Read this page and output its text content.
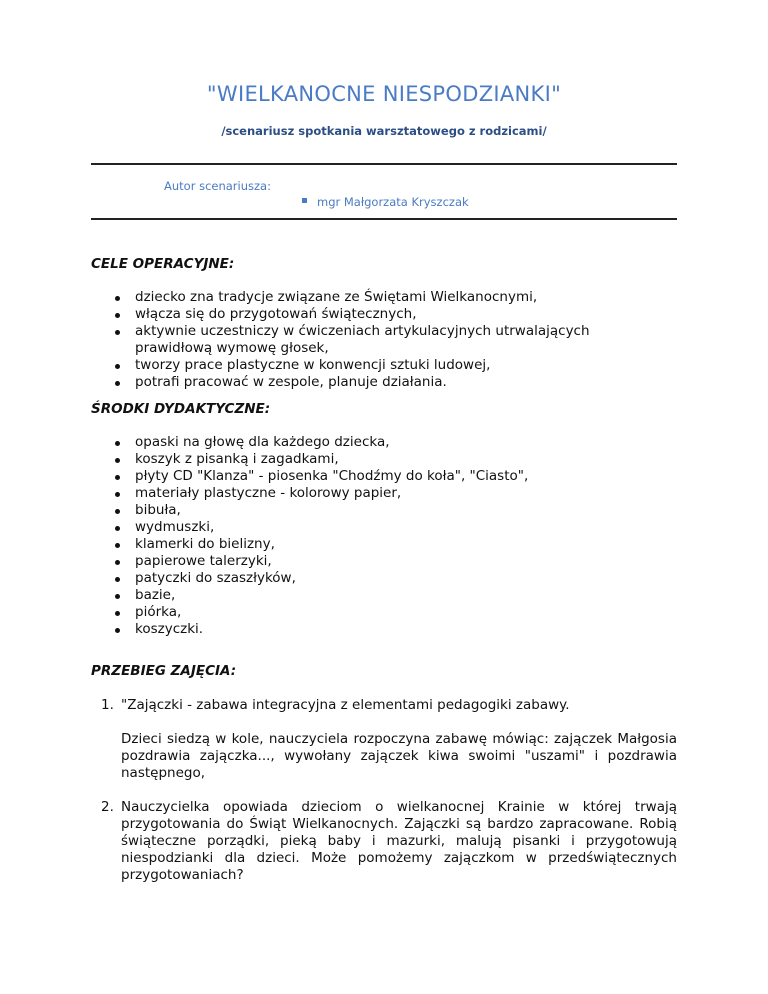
"WIELKANOCNE NIESPODZIANKI"
/scenariusz spotkania warsztatowego z rodzicami/
Autor scenariusza:
mgr Małgorzata Kryszczak
CELE OPERACYJNE:
dziecko zna tradycje związane ze Świętami Wielkanocnymi,
włącza się do przygotowań świątecznych,
aktywnie uczestniczy w ćwiczeniach artykulacyjnych utrwalających prawidłową wymowę głosek,
tworzy prace plastyczne w konwencji sztuki ludowej,
potrafi pracować w zespole, planuje działania.
ŚRODKI DYDAKTYCZNE:
opaski na głowę dla każdego dziecka,
koszyk z pisanką i zagadkami,
płyty CD "Klanza" - piosenka "Chodźmy do koła", "Ciasto",
materiały plastyczne - kolorowy papier,
bibuła,
wydmuszki,
klamerki do bielizny,
papierowe talerzyki,
patyczki do szaszłyków,
bazie,
piórka,
koszyczki.
PRZEBIEG ZAJĘCIA:
1. "Zajączki - zabawa integracyjna z elementami pedagogiki zabawy.
Dzieci siedzą w kole, nauczyciela rozpoczyna zabawę mówiąc: zajączek Małgosia pozdrawia zajączka..., wywołany zajączek kiwa swoimi "uszami" i pozdrawia następnego,
2. Nauczycielka opowiada dzieciom o wielkanocnej Krainie w której trwają przygotowania do Świąt Wielkanocnych. Zajączki są bardzo zapracowane. Robią świąteczne porządki, pieką baby i mazurki, malują pisanki i przygotowują niespodzianki dla dzieci. Może pomożemy zajączkom w przedświątecznych przygotowaniach?
